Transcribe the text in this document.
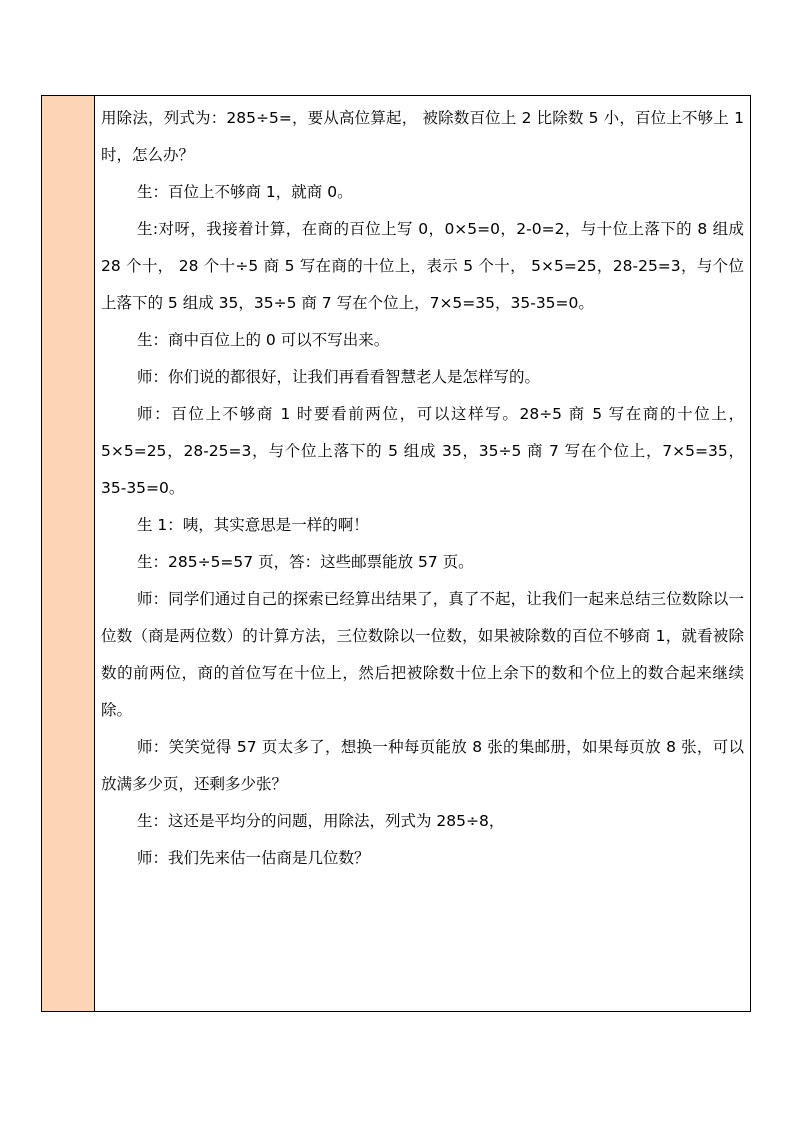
用除法，列式为：285÷5=，要从高位算起， 被除数百位上 2 比除数 5 小，百位上不够上 1 时，怎么办？

生：百位上不够商 1，就商 0。

生:对呀，我接着计算，在商的百位上写 0，0×5=0，2-0=2，与十位上落下的 8 组成 28 个十， 28 个十÷5 商 5 写在商的十位上，表示 5 个十， 5×5=25，28-25=3，与个位上落下的 5 组成 35，35÷5 商 7 写在个位上，7×5=35，35-35=0。

生：商中百位上的 0 可以不写出来。

师：你们说的都很好，让我们再看看智慧老人是怎样写的。

师：百位上不够商 1 时要看前两位，可以这样写。28÷5 商 5 写在商的十位上，5×5=25，28-25=3，与个位上落下的 5 组成 35，35÷5 商 7 写在个位上，7×5=35，35-35=0。

生 1：咦，其实意思是一样的啊！

生：285÷5=57 页，答：这些邮票能放 57 页。

师：同学们通过自己的探索已经算出结果了，真了不起，让我们一起来总结三位数除以一位数（商是两位数）的计算方法，三位数除以一位数，如果被除数的百位不够商 1，就看被除数的前两位，商的首位写在十位上，然后把被除数十位上余下的数和个位上的数合起来继续除。

师：笑笑觉得 57 页太多了，想换一种每页能放 8 张的集邮册，如果每页放 8 张，可以放满多少页，还剩多少张？

生：这还是平均分的问题，用除法，列式为 285÷8，

师：我们先来估一估商是几位数？
